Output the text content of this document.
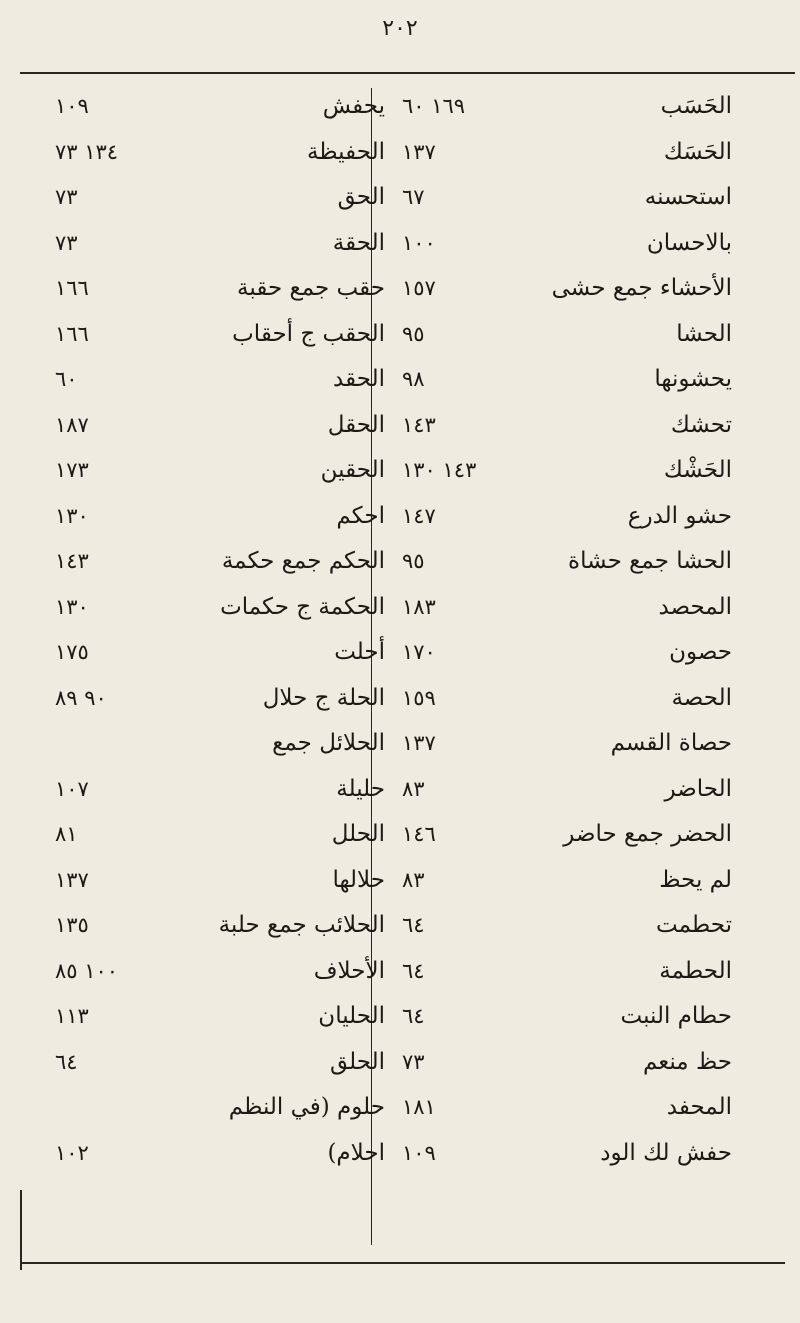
٢٠٢
١٦٩ ٦٠	الحَسَب
١٣٧	الحَسَك
٦٧	استحسنه
١٠٠	بالاحسان
١٥٧	الأحشاء جمع حشى
٩٥	الحشا
٩٨	يحشونها
١٤٣	تحشك
١٤٣ ١٣٠	الحَشْك
١٤٧	حشو الدرع
٩٥	الحشا جمع حشاة
١٨٣	المحصد
١٧٠	حصون
١٥٩	الحصة
١٣٧	حصاة القسم
٨٣	الحاضر
١٤٦	الحضر جمع حاضر
٨٣	لم يحظ
٦٤	تحطمت
٦٤	الحطمة
٦٤	حطام النبت
٧٣	حظ منعم
١٨١	المحفد
١٠٩	حفش لك الود
١٠٩	يحفش
١٣٤ ٧٣	الحفيظة
٧٣	الحق
٧٣	الحقة
١٦٦	حقب جمع حقبة
١٦٦	الحقب ج أحقاب
٦٠	الحقد
١٨٧	الحقل
١٧٣	الحقين
١٣٠	احكم
١٤٣	الحكم جمع حكمة
١٣٠	الحكمة ج حكمات
١٧٥	أحلت
٩٠ ٨٩	الحلة ج حلال
الحلائل جمع
١٠٧	حليلة
٨١	الحلل
١٣٧	حلالها
١٣٥	الحلائب جمع حلبة
١٠٠ ٨٥	الأحلاف
١١٣	الحليان
٦٤	الحلق
حلوم (في النظم
١٠٢	احلام)
